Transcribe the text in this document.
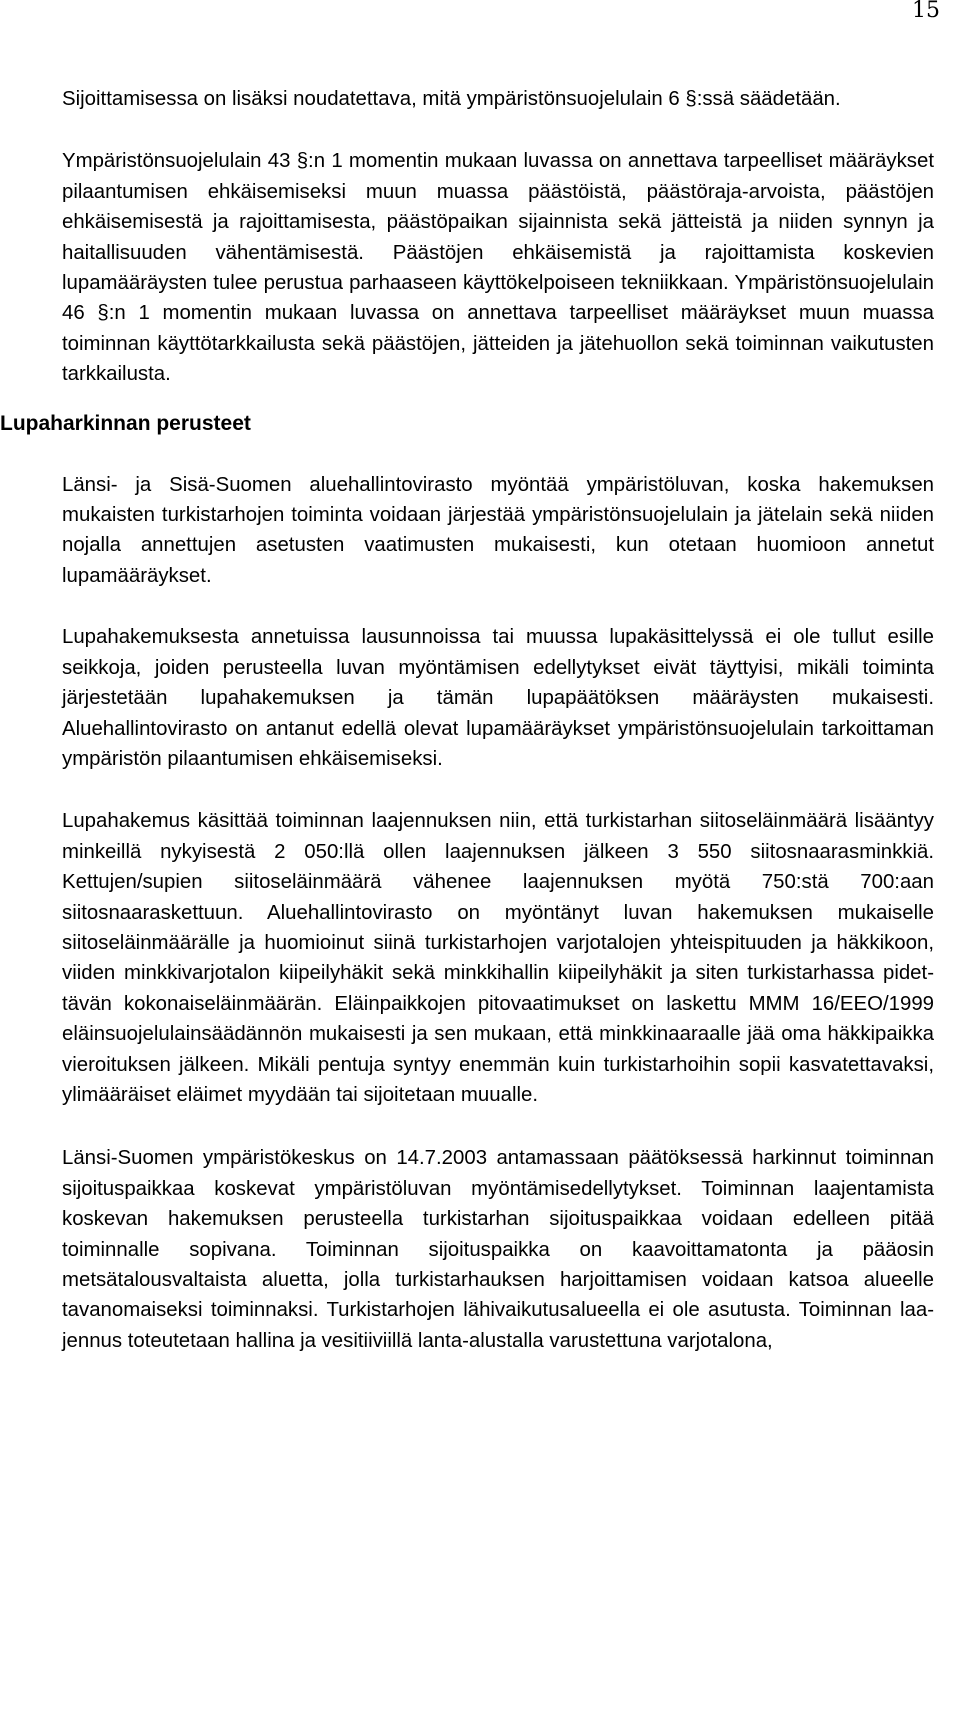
15

Sijoittamisessa on lisäksi noudatettava, mitä ympäristönsuojelulain 6 §:ssä säädetään.

Ympäristönsuojelulain 43 §:n 1 momentin mukaan luvassa on annettava tarpeelliset määräykset pilaantumisen ehkäisemiseksi muun muassa päästöistä, päästöraja-arvoista, päästöjen ehkäisemisestä ja rajoittamisesta, päästöpaikan sijainnista sekä jätteistä ja niiden synnyn ja haitallisuuden vähentämisestä. Päästöjen ehkäisemistä ja rajoittamista koskevien lupamääräysten tulee perustua parhaaseen käyttökelpoiseen tekniikkaan. Ympäristönsuojelulain 46 §:n 1 momentin mukaan luvassa on annettava tarpeelliset määräykset muun muassa toiminnan käyttötarkkailusta sekä päästöjen, jätteiden ja jätehuollon sekä toiminnan vaikutusten tarkkailusta.

Lupaharkinnan perusteet

Länsi- ja Sisä-Suomen aluehallintovirasto myöntää ympäristöluvan, koska hakemuksen mukaisten turkistarhojen toiminta voidaan järjestää ympäristönsuojelulain ja jätelain sekä niiden nojalla annettujen asetusten vaatimusten mukaisesti, kun otetaan huomioon annetut lupamääräykset.

Lupahakemuksesta annetuissa lausunnoissa tai muussa lupakäsittelyssä ei ole tullut esille seikkoja, joiden perusteella luvan myöntämisen edellytykset eivät täyttyisi, mikäli toiminta järjestetään lupahakemuksen ja tämän lupapäätöksen määräysten mukaisesti. Aluehallintovirasto on antanut edellä olevat lupamääräykset ympäristönsuojelulain tarkoittaman ympäristön pilaantumisen ehkäisemiseksi.

Lupahakemus käsittää toiminnan laajennuksen niin, että turkistarhan siitoseläinmäärä lisääntyy minkeillä nykyisestä 2 050:llä ollen laajennuksen jälkeen 3 550 siitosnaarasminkkiä. Kettujen/supien siitoseläinmäärä vähenee laajennuksen myötä 750:stä 700:aan siitosnaaraskettuun. Aluehallintovirasto on myöntänyt luvan hakemuksen mukaiselle siitoseläinmäärälle ja huomioinut siinä turkistarhojen varjotalojen yhteispituuden ja häkkikoon, viiden minkkivarjotalon kiipeilyhäkit sekä minkkihallin kiipeilyhäkit ja siten turkistarhassa pidettävän kokonaiseläinmäärän. Eläinpaikkojen pitovaatimukset on laskettu MMM 16/EEO/1999 eläinsuojelulainsäädännön mukaisesti ja sen mukaan, että minkkinaaraalle jää oma häkkipaikka vieroituksen jälkeen. Mikäli pentuja syntyy enemmän kuin turkistarhoihin sopii kasvatettavaksi, ylimääräiset eläimet myydään tai sijoitetaan muualle.

Länsi-Suomen ympäristökeskus on 14.7.2003 antamassaan päätöksessä harkinnut toiminnan sijoituspaikkaa koskevat ympäristöluvan myöntämisedellytykset. Toiminnan laajentamista koskevan hakemuksen perusteella turkistarhan sijoituspaikkaa voidaan edelleen pitää toiminnalle sopivana. Toiminnan sijoituspaikka on kaavoittamatonta ja pääosin metsätalousvaltaista aluetta, jolla turkistarhauksen harjoittamisen voidaan katsoa alueelle tavanomaiseksi toiminnaksi. Turkistarhojen lähivaikutusalueella ei ole asutusta. Toiminnan laajennus toteutetaan hallina ja vesitiiviillä lanta-alustalla varustettuna varjotalona,
